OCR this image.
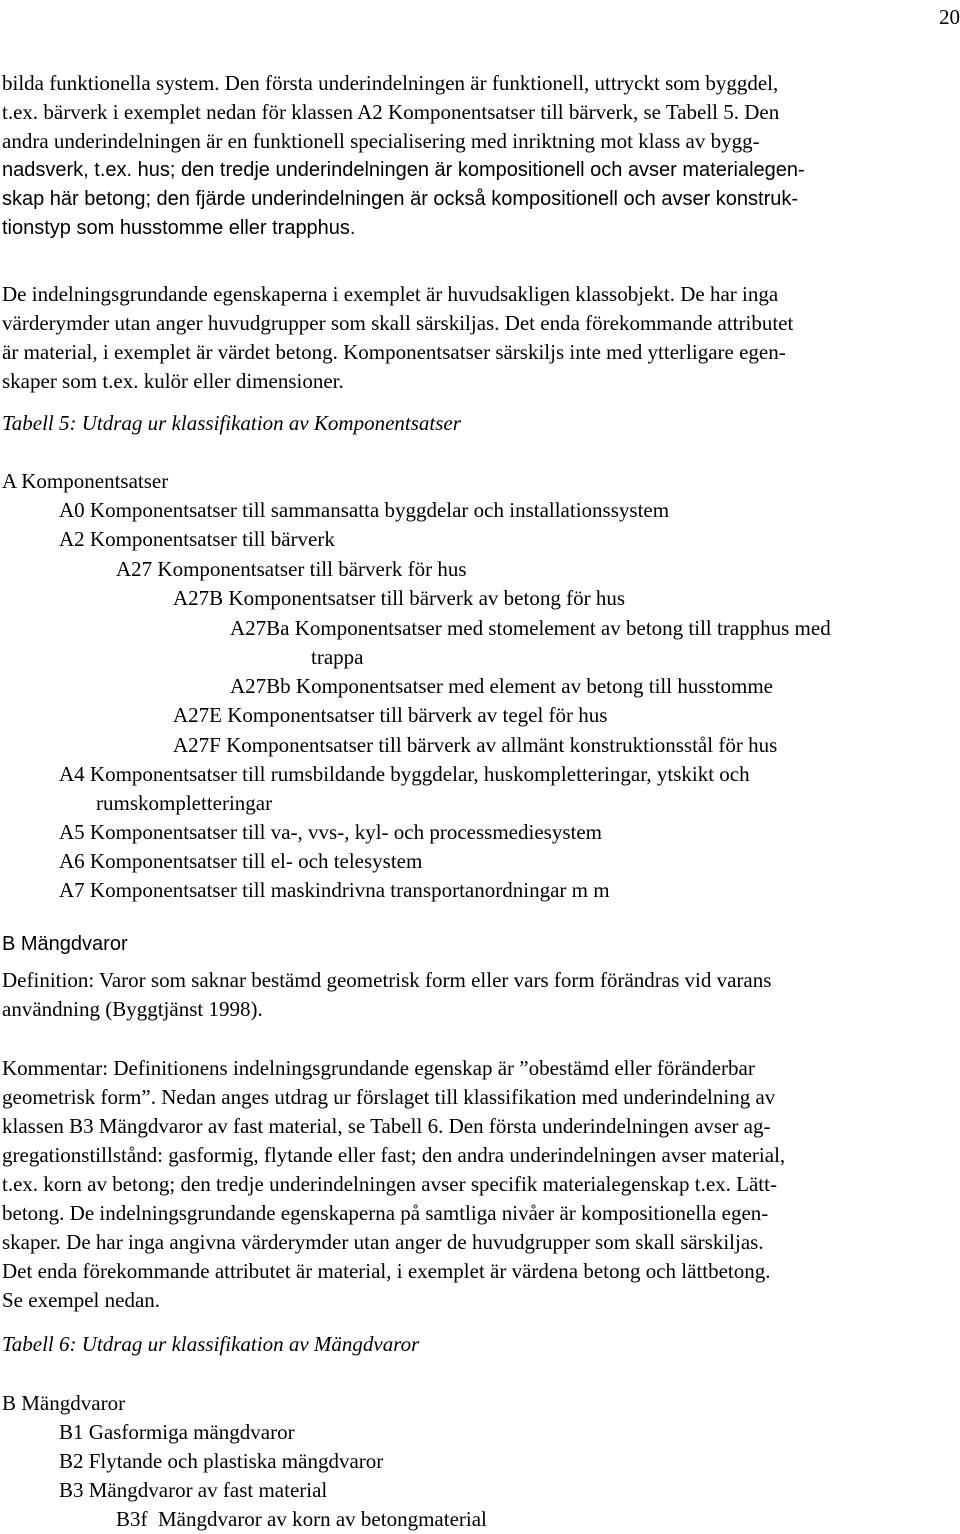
20
bilda funktionella system. Den första underindelningen är funktionell, uttryckt som byggdel,
t.ex. bärverk i exemplet nedan för klassen A2 Komponentsatser till bärverk, se Tabell 5. Den
andra underindelningen är en funktionell specialisering med inriktning mot klass av bygg-
nadsverk, t.ex. hus; den tredje underindelningen är kompositionell och avser materialegen-
skap här betong; den fjärde underindelningen är också kompositionell och avser konstruk-
tionstyp som husstomme eller trapphus.
De indelningsgrundande egenskaperna i exemplet är huvudsakligen klassobjekt. De har inga
värderymder utan anger huvudgrupper som skall särskiljas. Det enda förekommande attributet
är material, i exemplet är värdet betong. Komponentsatser särskiljs inte med ytterligare egen-
skaper som t.ex. kulör eller dimensioner.
Tabell 5: Utdrag ur klassifikation av Komponentsatser
A Komponentsatser
A0 Komponentsatser till sammansatta byggdelar och installationssystem
A2 Komponentsatser till bärverk
A27 Komponentsatser till bärverk för hus
A27B Komponentsatser till bärverk av betong för hus
A27Ba Komponentsatser med stomelement av betong till trapphus med
trappa
A27Bb Komponentsatser med element av betong till husstomme
A27E Komponentsatser till bärverk av tegel för hus
A27F Komponentsatser till bärverk av allmänt konstruktionsstål för hus
A4 Komponentsatser till rumsbildande byggdelar, huskompletteringar, ytskikt och
rumskompletteringar
A5 Komponentsatser till va-, vvs-, kyl- och processmediesystem
A6 Komponentsatser till el- och telesystem
A7 Komponentsatser till maskindrivna transportanordningar m m
B Mängdvaror
Definition: Varor som saknar bestämd geometrisk form eller vars form förändras vid varans
användning (Byggtjänst 1998).
Kommentar: Definitionens indelningsgrundande egenskap är ”obestämd eller föränderbar
geometrisk form”. Nedan anges utdrag ur förslaget till klassifikation med underindelning av
klassen B3 Mängdvaror av fast material, se Tabell 6. Den första underindelningen avser ag-
gregationstillstånd: gasformig, flytande eller fast; den andra underindelningen avser material,
t.ex. korn av betong; den tredje underindelningen avser specifik materialegenskap t.ex. Lätt-
betong. De indelningsgrundande egenskaperna på samtliga nivåer är kompositionella egen-
skaper. De har inga angivna värderymder utan anger de huvudgrupper som skall särskiljas.
Det enda förekommande attributet är material, i exemplet är värdena betong och lättbetong.
Se exempel nedan.
Tabell 6: Utdrag ur klassifikation av Mängdvaror
B Mängdvaror
B1 Gasformiga mängdvaror
B2 Flytande och plastiska mängdvaror
B3 Mängdvaror av fast material
B3f  Mängdvaror av korn av betongmaterial
